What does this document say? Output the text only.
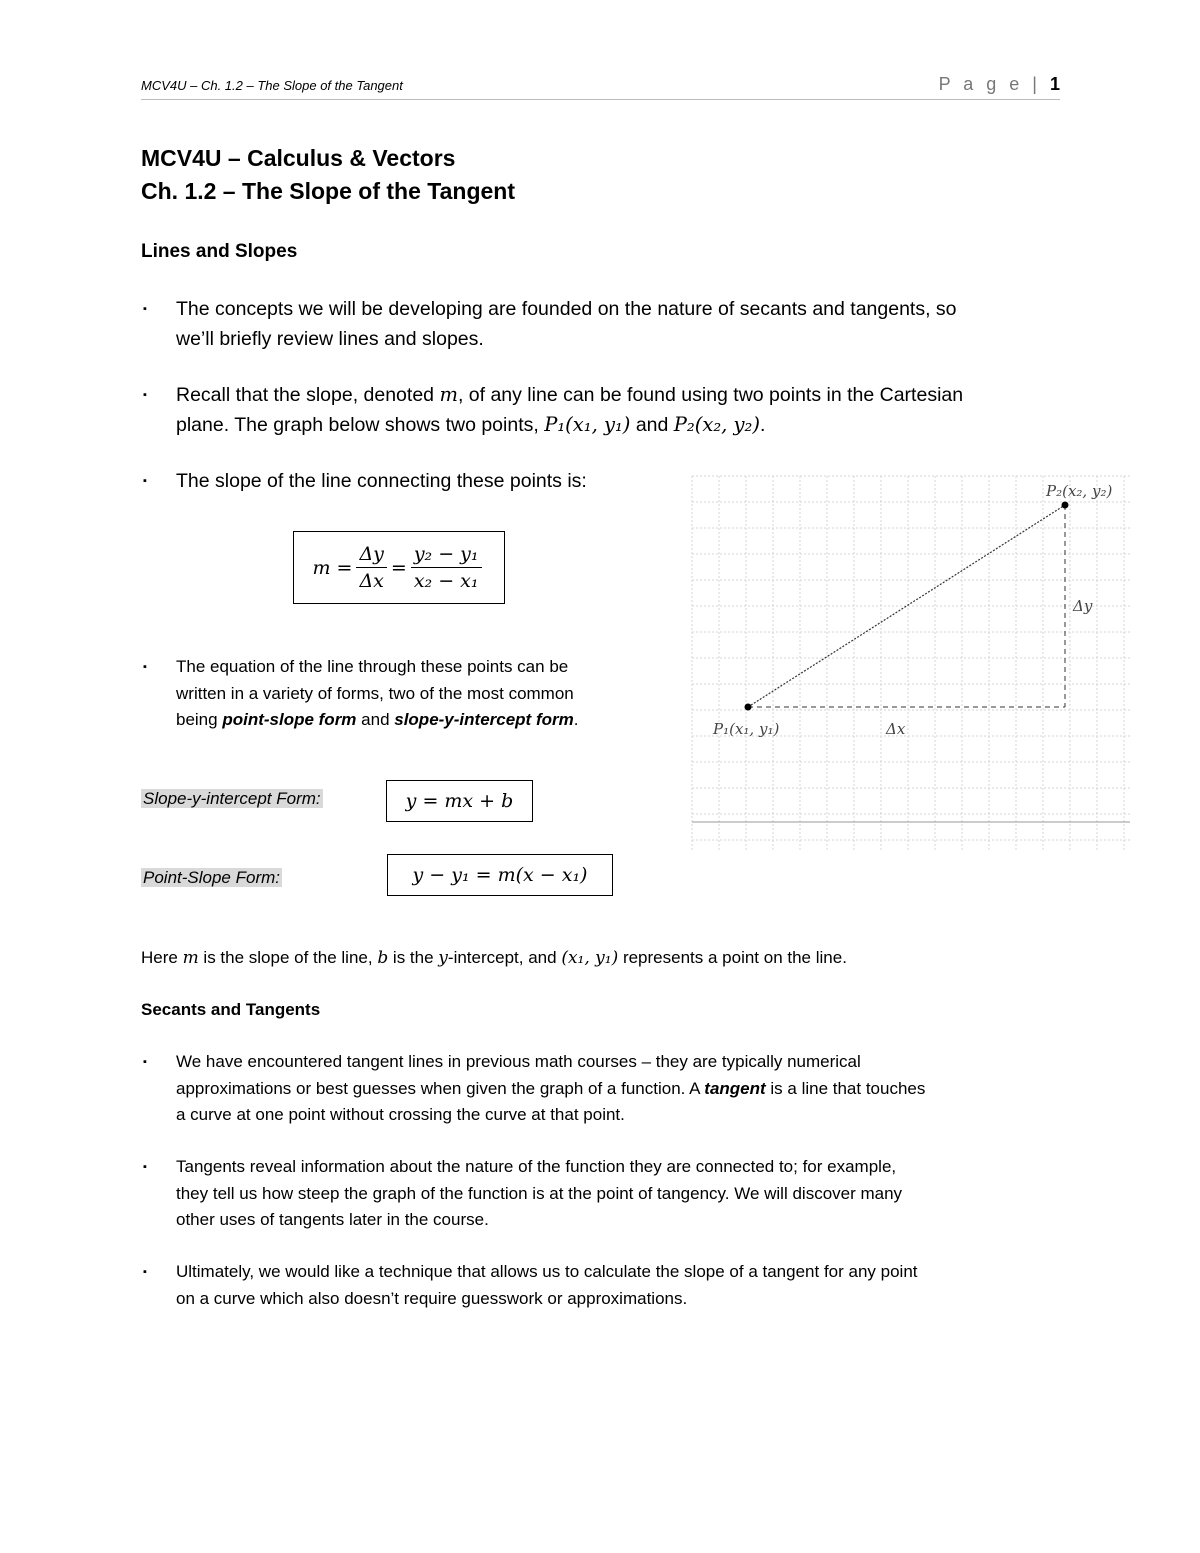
MCV4U – Ch. 1.2 – The Slope of the Tangent	P a g e | 1
MCV4U – Calculus & Vectors
Ch. 1.2 – The Slope of the Tangent
Lines and Slopes
▪ The concepts we will be developing are founded on the nature of secants and tangents, so
we’ll briefly review lines and slopes.
▪ Recall that the slope, denoted m, of any line can be found using two points in the Cartesian
plane. The graph below shows two points, P₁(x₁, y₁) and P₂(x₂, y₂).
▪ The slope of the line connecting these points is:
$m = \frac{\Delta y}{\Delta x} = \frac{\text{y₂ − y₁}}{\text{x₂ − x₁}}$
▪ The equation of the line through these points can be
written in a variety of forms, two of the most common
being point-slope form and slope-y-intercept form.
Slope-y-intercept Form:	y = mx + b
Point-Slope Form:	y − y₁ = m(x − x₁)
Here m is the slope of the line, b is the y-intercept, and (x₁, y₁) represents a point on the line.
Secants and Tangents
▪ We have encountered tangent lines in previous math courses – they are typically numerical
approximations or best guesses when given the graph of a function. A tangent is a line that touches
a curve at one point without crossing the curve at that point.
▪ Tangents reveal information about the nature of the function they are connected to; for example,
they tell us how steep the graph of the function is at the point of tangency. We will discover many
other uses of tangents later in the course.
▪ Ultimately, we would like a technique that allows us to calculate the slope of a tangent for any point
on a curve which also doesn’t require guesswork or approximations.
P₁(x₁, y₁)
P₂(x₂, y₂)
Δx
Δy
